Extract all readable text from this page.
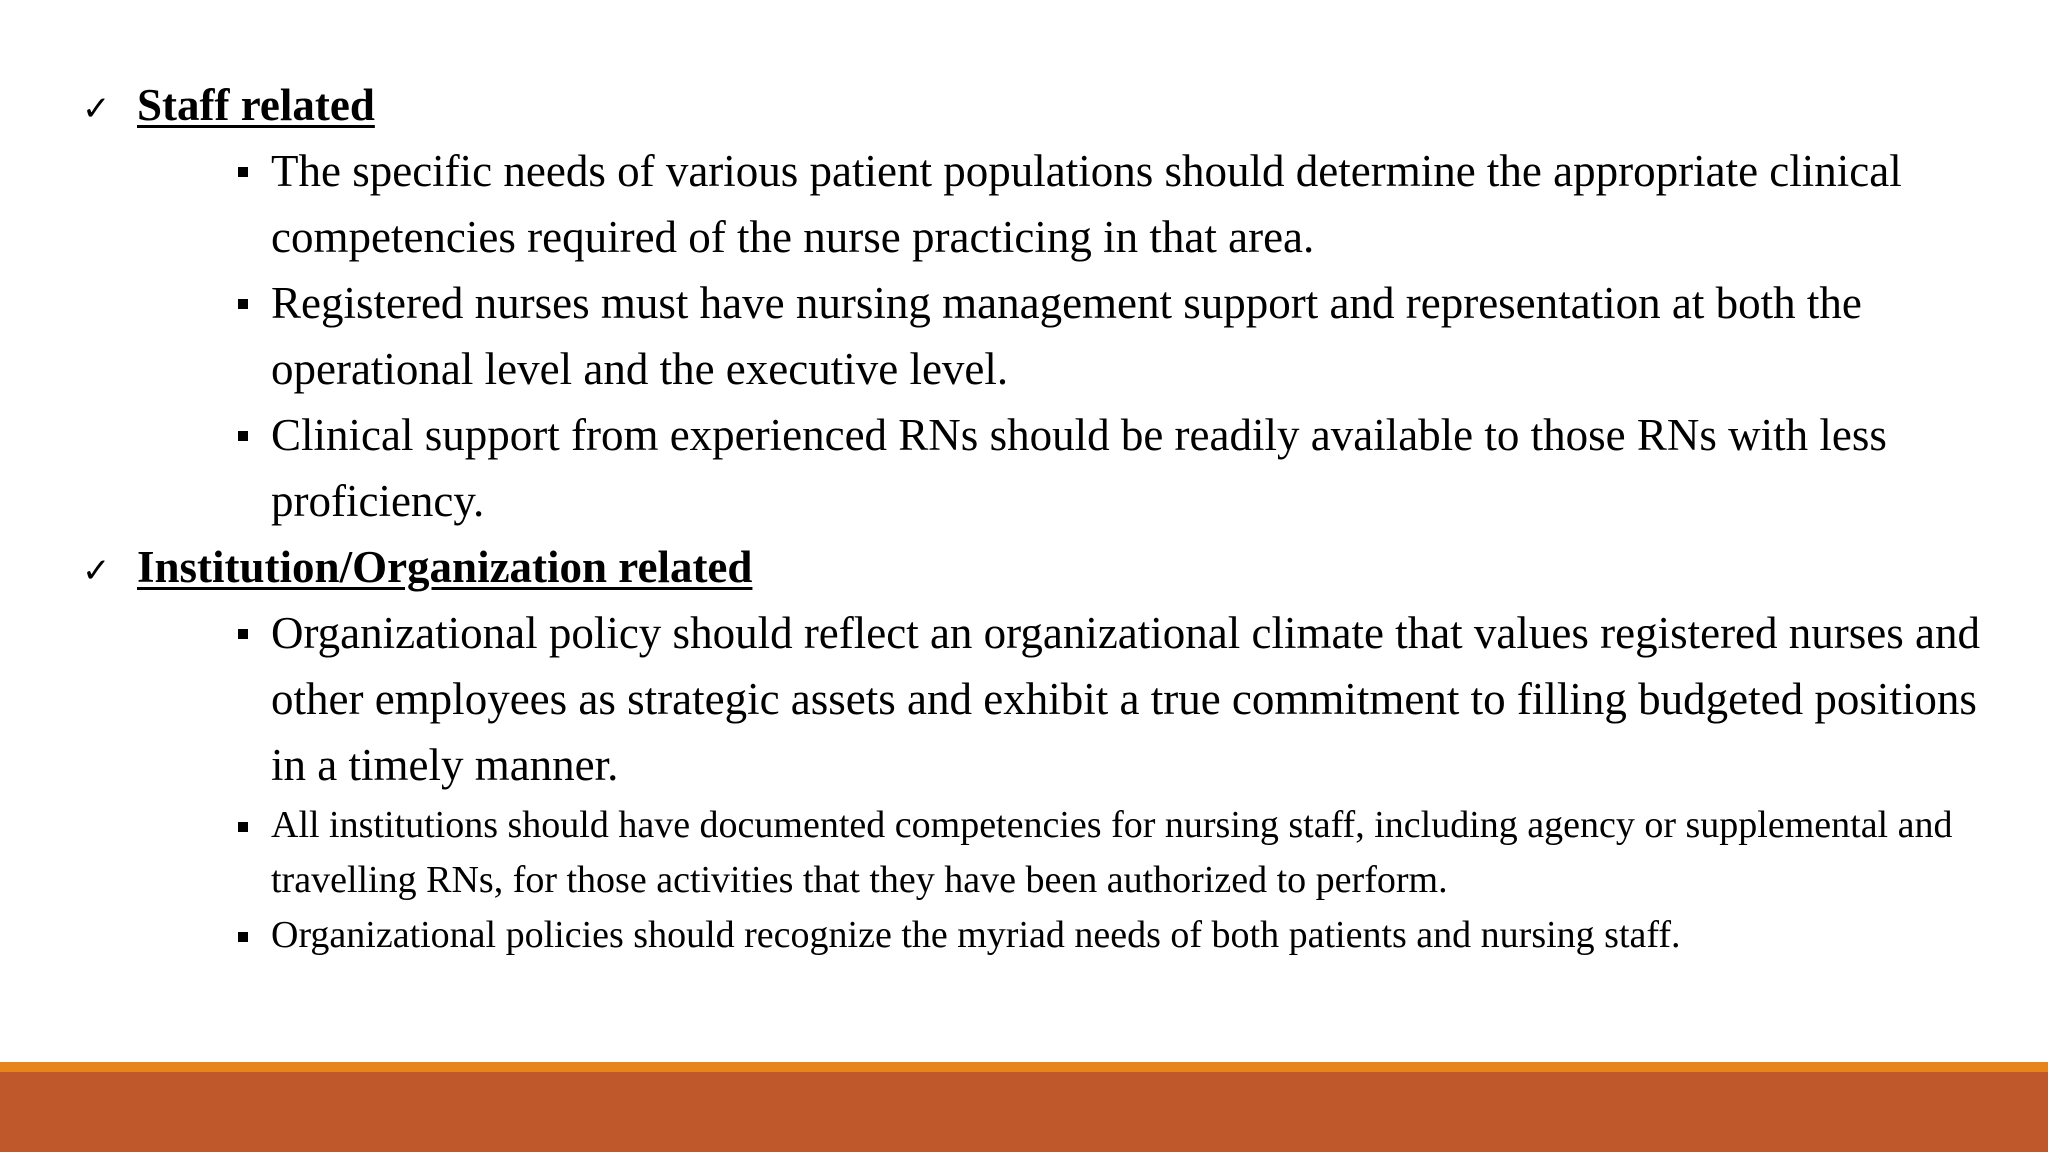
✓ Staff related
The specific needs of various patient populations should determine the appropriate clinical competencies required of the nurse practicing in that area.
Registered nurses must have nursing management support and representation at both the operational level and the executive level.
Clinical support from experienced RNs should be readily available to those RNs with less proficiency.
✓ Institution/Organization related
Organizational policy should reflect an organizational climate that values registered nurses and other employees as strategic assets and exhibit a true commitment to filling budgeted positions in a timely manner.
All institutions should have documented competencies for nursing staff, including agency or supplemental and travelling RNs, for those activities that they have been authorized to perform.
Organizational policies should recognize the myriad needs of both patients and nursing staff.
